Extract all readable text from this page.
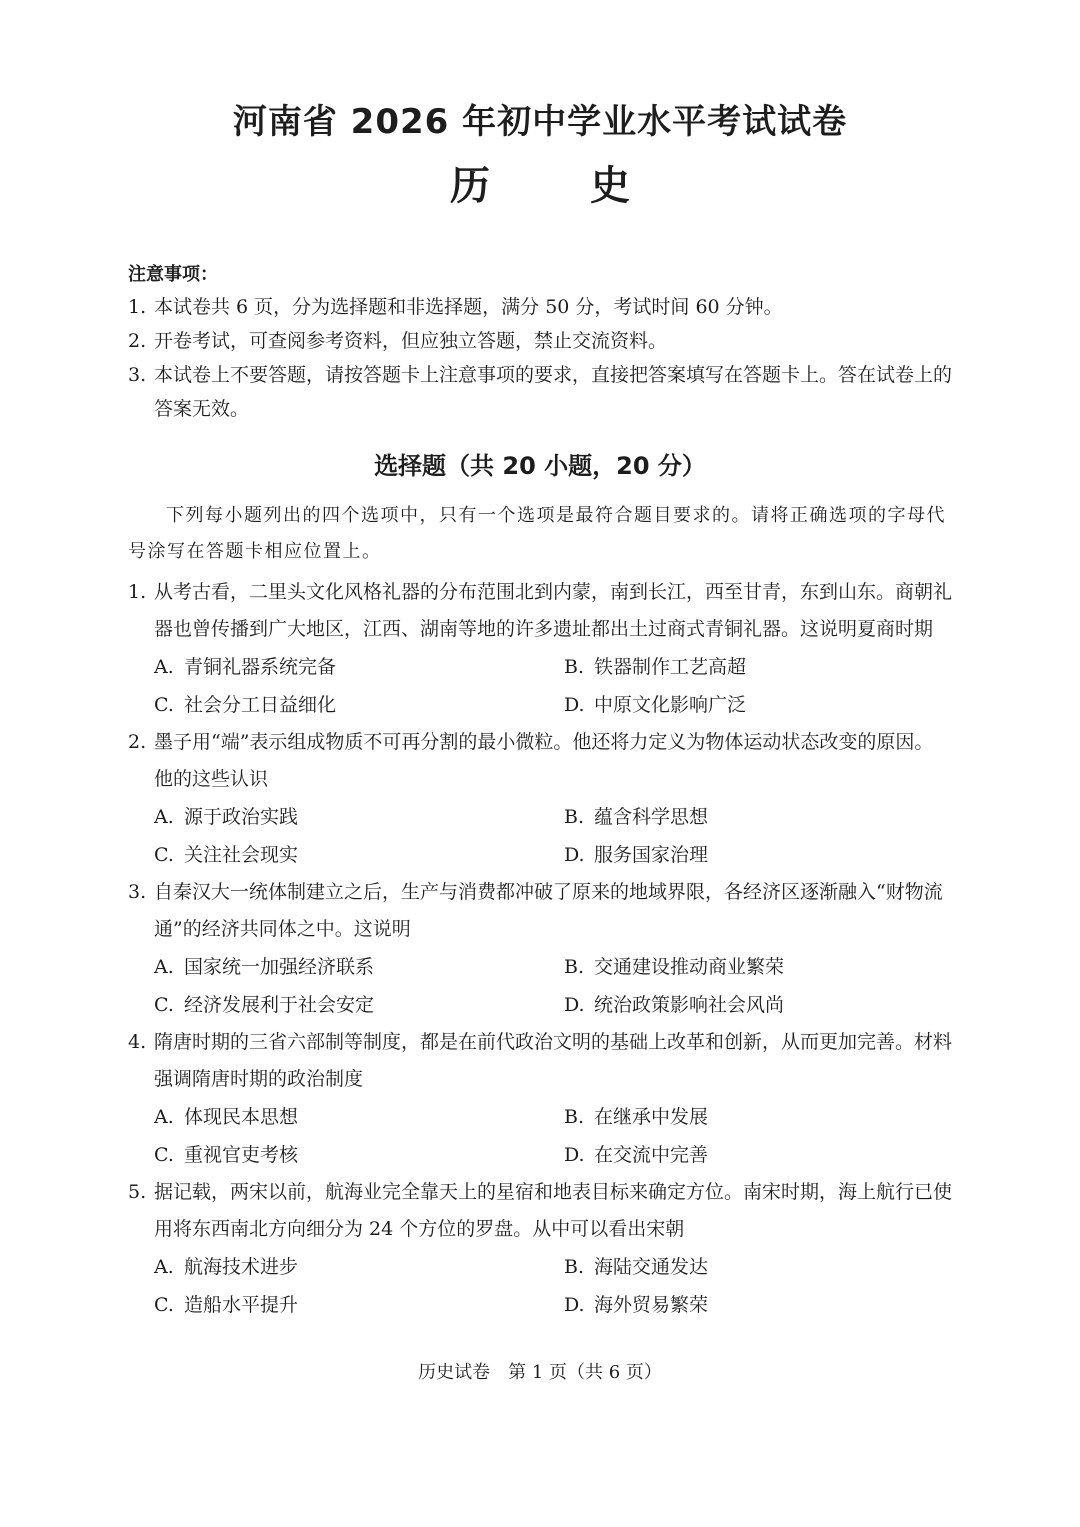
河南省 2026 年初中学业水平考试试卷
历史
注意事项：
1. 本试卷共 6 页，分为选择题和非选择题，满分 50 分，考试时间 60 分钟。
2. 开卷考试，可查阅参考资料，但应独立答题，禁止交流资料。
3. 本试卷上不要答题，请按答题卡上注意事项的要求，直接把答案填写在答题卡上。答在试卷上的答案无效。
选择题（共 20 小题，20 分）
下列每小题列出的四个选项中，只有一个选项是最符合题目要求的。请将正确选项的字母代号涂写在答题卡相应位置上。
1. 从考古看，二里头文化风格礼器的分布范围北到内蒙，南到长江，西至甘青，东到山东。商朝礼器也曾传播到广大地区，江西、湖南等地的许多遗址都出土过商式青铜礼器。这说明夏商时期
A. 青铜礼器系统完备	B. 铁器制作工艺高超
C. 社会分工日益细化	D. 中原文化影响广泛
2. 墨子用“端”表示组成物质不可再分割的最小微粒。他还将力定义为物体运动状态改变的原因。他的这些认识
A. 源于政治实践	B. 蕴含科学思想
C. 关注社会现实	D. 服务国家治理
3. 自秦汉大一统体制建立之后，生产与消费都冲破了原来的地域界限，各经济区逐渐融入“财物流通”的经济共同体之中。这说明
A. 国家统一加强经济联系	B. 交通建设推动商业繁荣
C. 经济发展利于社会安定	D. 统治政策影响社会风尚
4. 隋唐时期的三省六部制等制度，都是在前代政治文明的基础上改革和创新，从而更加完善。材料强调隋唐时期的政治制度
A. 体现民本思想	B. 在继承中发展
C. 重视官吏考核	D. 在交流中完善
5. 据记载，两宋以前，航海业完全靠天上的星宿和地表目标来确定方位。南宋时期，海上航行已使用将东西南北方向细分为 24 个方位的罗盘。从中可以看出宋朝
A. 航海技术进步	B. 海陆交通发达
C. 造船水平提升	D. 海外贸易繁荣
历史试卷　第 1 页（共 6 页）
